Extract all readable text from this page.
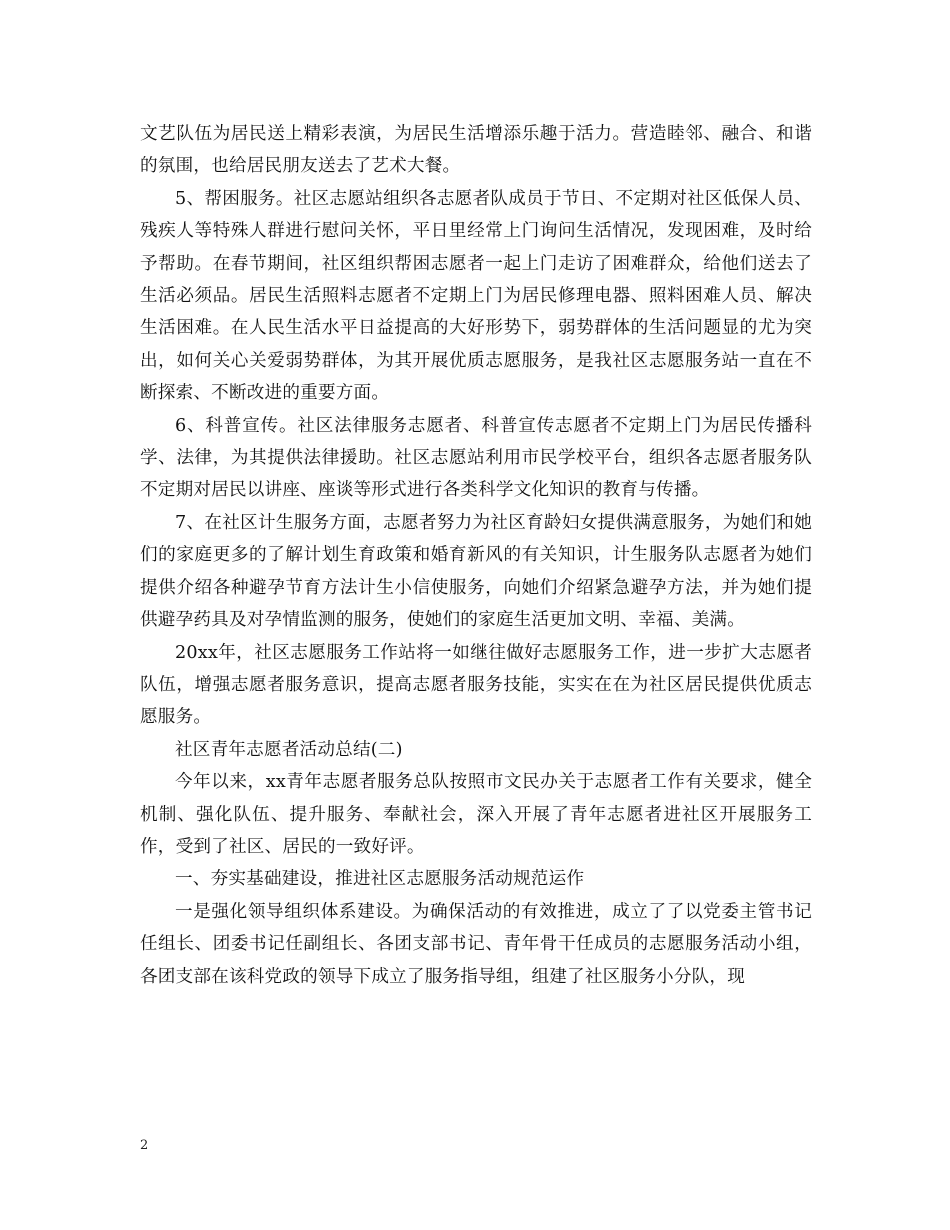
文艺队伍为居民送上精彩表演，为居民生活增添乐趣于活力。营造睦邻、融合、和谐的氛围，也给居民朋友送去了艺术大餐。

5、帮困服务。社区志愿站组织各志愿者队成员于节日、不定期对社区低保人员、残疾人等特殊人群进行慰问关怀，平日里经常上门询问生活情况，发现困难，及时给予帮助。在春节期间，社区组织帮困志愿者一起上门走访了困难群众，给他们送去了生活必须品。居民生活照料志愿者不定期上门为居民修理电器、照料困难人员、解决生活困难。在人民生活水平日益提高的大好形势下，弱势群体的生活问题显的尤为突出，如何关心关爱弱势群体，为其开展优质志愿服务，是我社区志愿服务站一直在不断探索、不断改进的重要方面。

6、科普宣传。社区法律服务志愿者、科普宣传志愿者不定期上门为居民传播科学、法律，为其提供法律援助。社区志愿站利用市民学校平台，组织各志愿者服务队不定期对居民以讲座、座谈等形式进行各类科学文化知识的教育与传播。

7、在社区计生服务方面，志愿者努力为社区育龄妇女提供满意服务，为她们和她们的家庭更多的了解计划生育政策和婚育新风的有关知识，计生服务队志愿者为她们提供介绍各种避孕节育方法计生小信使服务，向她们介绍紧急避孕方法，并为她们提供避孕药具及对孕情监测的服务，使她们的家庭生活更加文明、幸福、美满。

20xx年，社区志愿服务工作站将一如继往做好志愿服务工作，进一步扩大志愿者队伍，增强志愿者服务意识，提高志愿者服务技能，实实在在为社区居民提供优质志愿服务。

社区青年志愿者活动总结(二)

今年以来，xx青年志愿者服务总队按照市文民办关于志愿者工作有关要求，健全机制、强化队伍、提升服务、奉献社会，深入开展了青年志愿者进社区开展服务工作，受到了社区、居民的一致好评。

一、夯实基础建设，推进社区志愿服务活动规范运作

一是强化领导组织体系建设。为确保活动的有效推进，成立了了以党委主管书记任组长、团委书记任副组长、各团支部书记、青年骨干任成员的志愿服务活动小组，各团支部在该科党政的领导下成立了服务指导组，组建了社区服务小分队，现

2
